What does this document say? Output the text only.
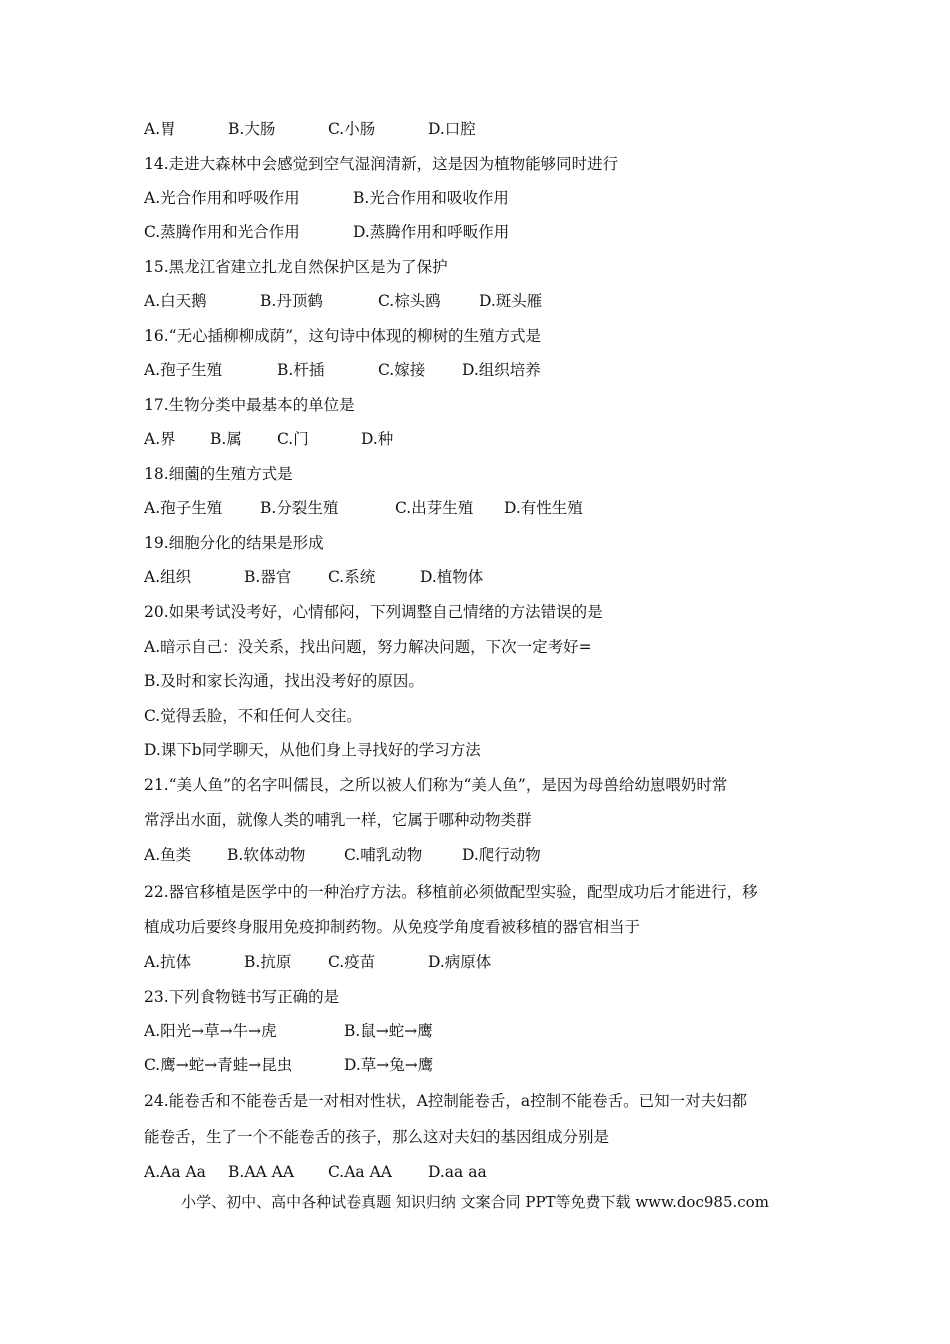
A.胃	B.大肠	C.小肠	D.口腔
14.走进大森林中会感觉到空气湿润清新，这是因为植物能够同时进行
A.光合作用和呼吸作用	B.光合作用和吸收作用
C.蒸腾作用和光合作用	D.蒸腾作用和呼畈作用
15.黑龙江省建立扎龙自然保护区是为了保护
A.白天鹅	B.丹顶鹤	C.棕头鸥 D.斑头雁
16.“无心插柳柳成荫”，这句诗中体现的柳树的生殖方式是
A.孢子生殖	B.杆插	C.嫁接 D.组织培养
17.生物分类中最基本的单位是
A.界 B.属 C.门	D.种
18.细薗的生殖方式是
A.孢子生殖 B.分裂生殖	C.出芽生殖 D.有性生殖
19.细胞分化的结果是形成
A.组织	B.器官 C.系统	D.植物体
20.如果考试没考好，心情郁闷，下列调整自己情绪的方法错误的是
A.暗示自己：没关系，找出问题，努力解决问题，下次一定考好=
B.及时和家长沟通，找出没考好的原因。
C.觉得丢脸，不和任何人交往。
D.课下b同学聊天，从他们身上寻找好的学习方法
21.“美人鱼”的名字叫儒艮，之所以被人们称为“美人鱼”，是因为母兽给幼崽喂奶时常
常浮出水面，就像人类的哺乳一样，它属于哪种动物类群
A.鱼类 B.软体动物 C.哺乳动物	D.爬行动物
22.器官移植是医学中的一种治疗方法。移植前必须做配型实验，配型成功后才能进行，移
植成功后要终身服用免疫抑制药物。从免疫学角度看被移植的器官相当于
A.抗体	B.抗原 C.疫苗	D.病原体
23.下列食物链书写正确的是
A.阳光→草→牛→虎	B.鼠→蛇→鹰
C.鹰→蛇→青蛙→昆虫	D.草→兔→鹰
24.能卷舌和不能卷舌是一对相对性状，A控制能卷舌，a控制不能卷舌。已知一对夫妇都
能卷舌，生了一个不能卷舌的孩子，那么这对夫妇的基因组成分别是
A.Aa Aa B.AA AA C.Aa AA D.aa aa
小学、初中、高中各种试卷真题 知识归纳 文案合同 PPT等免费下载 www.doc985.com
